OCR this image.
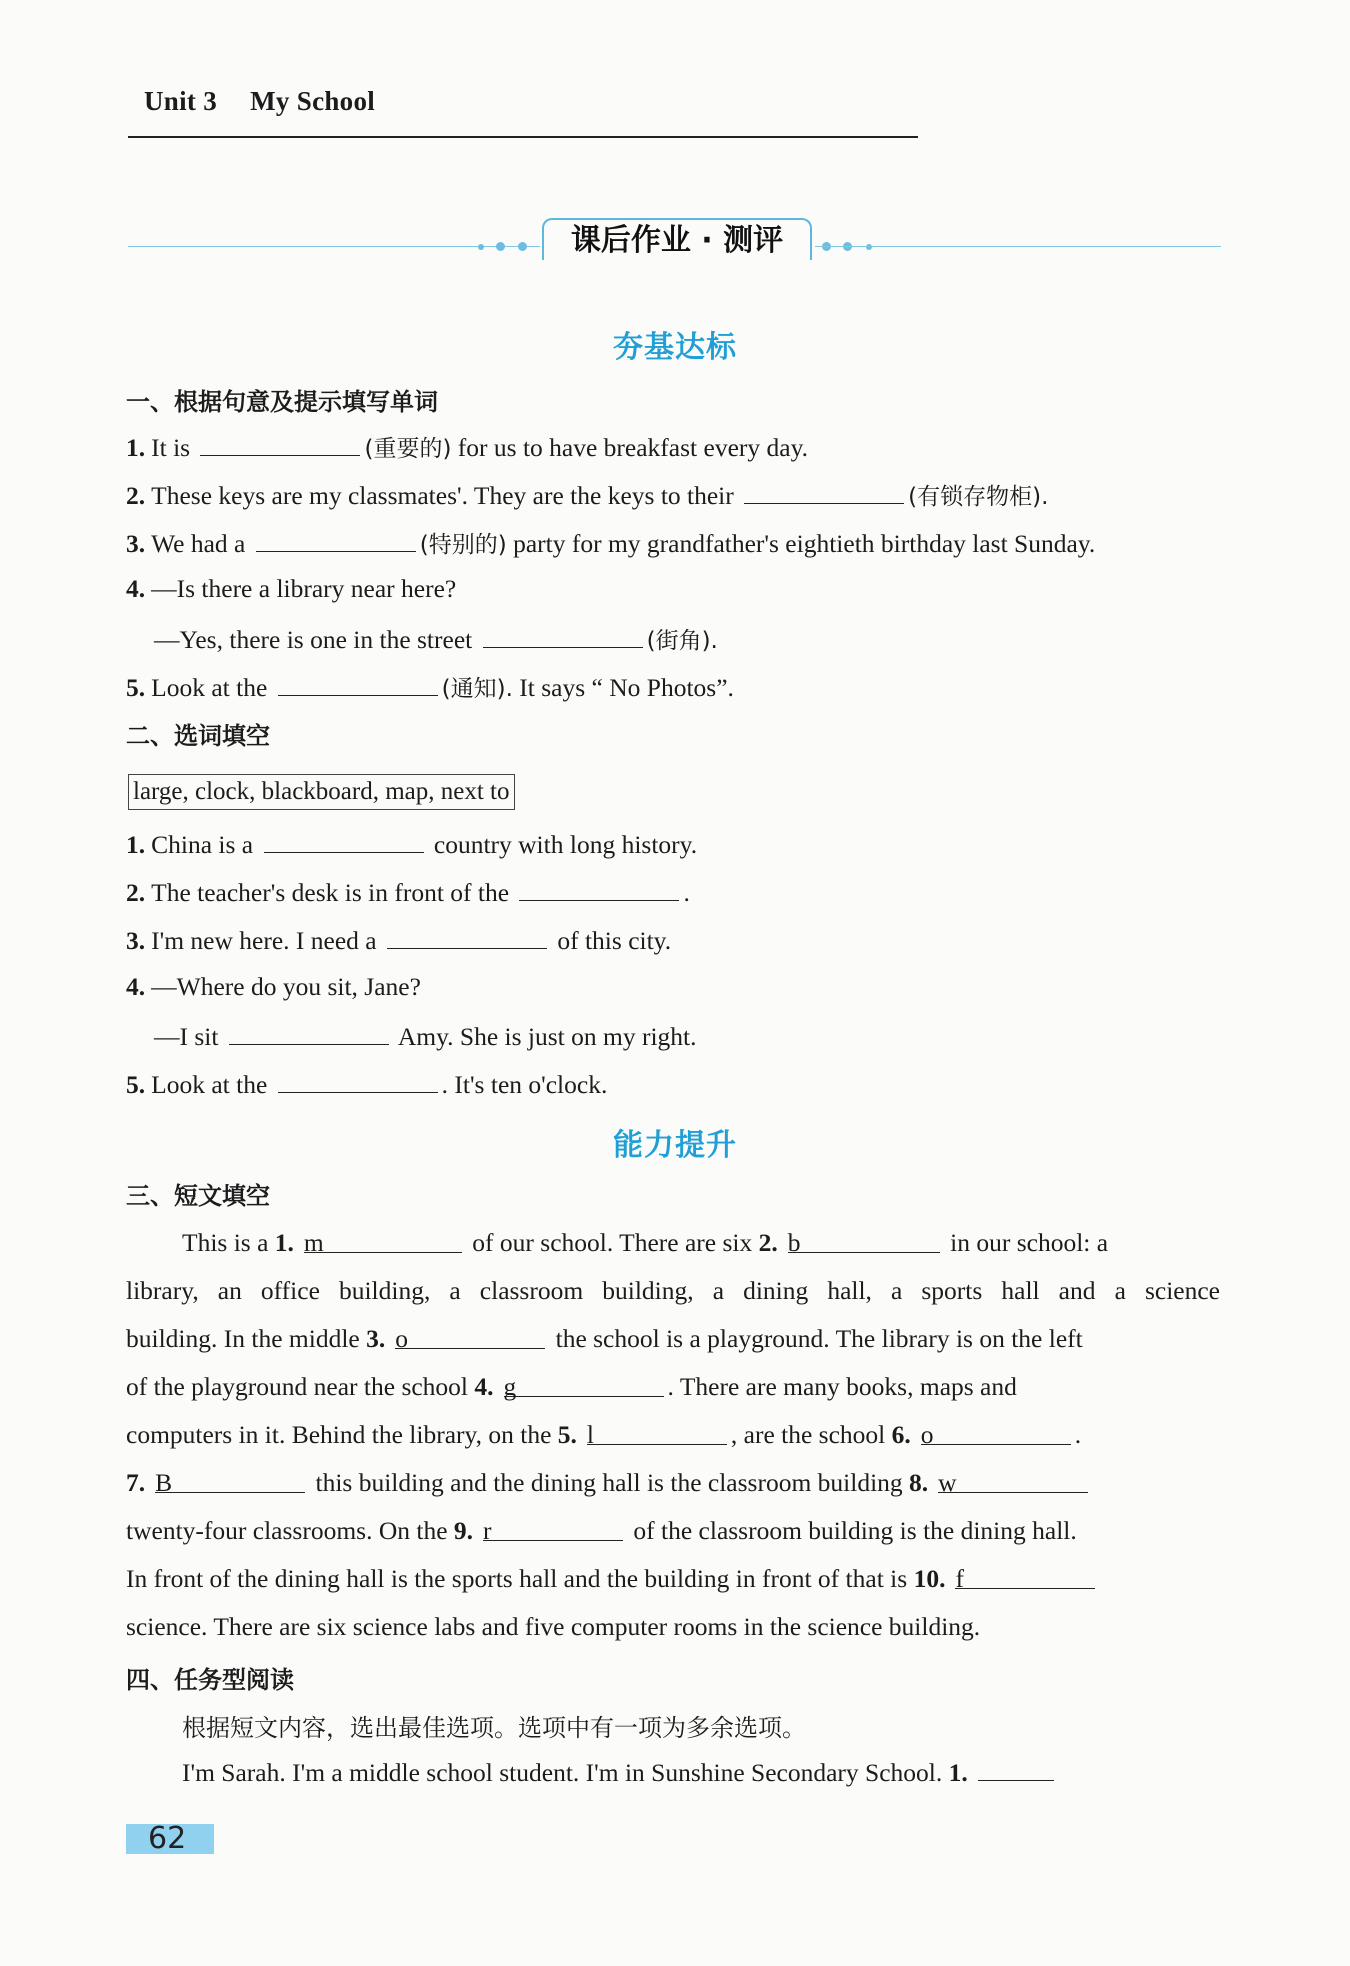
Unit 3 My School
课后作业 · 测评
夯基达标
一、根据句意及提示填写单词
1. It is	(重要的) for us to have breakfast every day.
2. These keys are my classmates'. They are the keys to their	(有锁存物柜).
3. We had a	(特别的) party for my grandfather's eightieth birthday last Sunday.
4. —Is there a library near here?
—Yes, there is one in the street	(街角).
5. Look at the	(通知). It says “ No Photos”.
二、选词填空
large, clock, blackboard, map, next to
1. China is a	country with long history.
2. The teacher's desk is in front of the	.
3. I'm new here. I need a	of this city.
4. —Where do you sit, Jane?
—I sit	Amy. She is just on my right.
5. Look at the	. It's ten o'clock.
能力提升
三、短文填空
This is a 1. m	of our school. There are six 2. b	in our school: a
library, an office building, a classroom building, a dining hall, a sports hall and a science
building. In the middle 3. o	the school is a playground. The library is on the left
of the playground near the school 4. g	. There are many books, maps and
computers in it. Behind the library, on the 5. l	, are the school 6. o	.
7. B	this building and the dining hall is the classroom building 8. w
twenty-four classrooms. On the 9. r	of the classroom building is the dining hall.
In front of the dining hall is the sports hall and the building in front of that is 10. f
science. There are six science labs and five computer rooms in the science building.
四、任务型阅读
根据短文内容，选出最佳选项。选项中有一项为多余选项。
I'm Sarah. I'm a middle school student. I'm in Sunshine Secondary School. 1.
62
